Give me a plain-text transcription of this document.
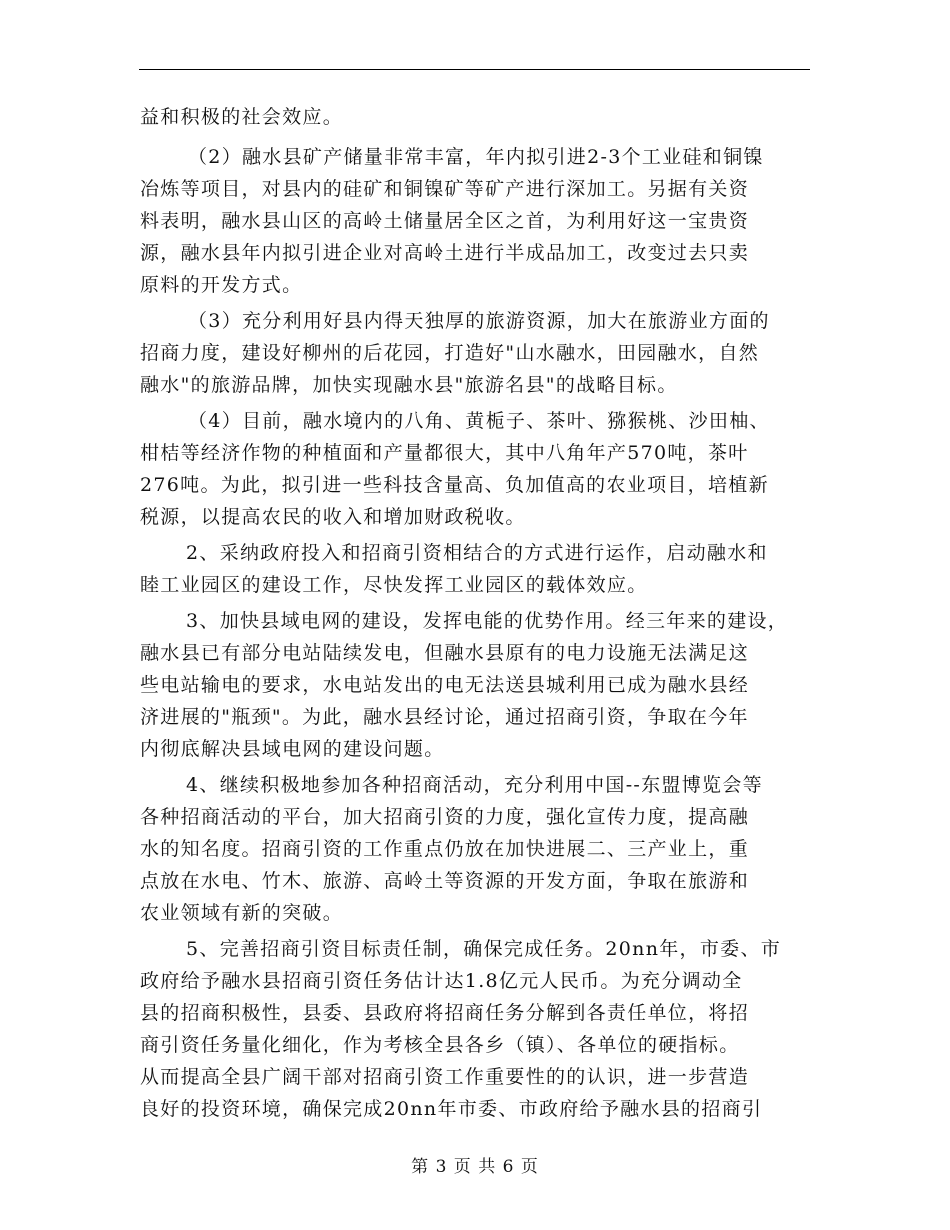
益和积极的社会效应。
（2）融水县矿产储量非常丰富，年内拟引进2-3个工业硅和铜镍
冶炼等项目，对县内的硅矿和铜镍矿等矿产进行深加工。另据有关资
料表明，融水县山区的高岭土储量居全区之首，为利用好这一宝贵资
源，融水县年内拟引进企业对高岭土进行半成品加工，改变过去只卖
原料的开发方式。
（3）充分利用好县内得天独厚的旅游资源，加大在旅游业方面的
招商力度，建设好柳州的后花园，打造好"山水融水，田园融水，自然
融水"的旅游品牌，加快实现融水县"旅游名县"的战略目标。
（4）目前，融水境内的八角、黄栀子、茶叶、猕猴桃、沙田柚、
柑桔等经济作物的种植面和产量都很大，其中八角年产570吨，茶叶
276吨。为此，拟引进一些科技含量高、负加值高的农业项目，培植新
税源，以提高农民的收入和增加财政税收。
2、采纳政府投入和招商引资相结合的方式进行运作，启动融水和
睦工业园区的建设工作，尽快发挥工业园区的载体效应。
3、加快县域电网的建设，发挥电能的优势作用。经三年来的建设，
融水县已有部分电站陆续发电，但融水县原有的电力设施无法满足这
些电站输电的要求，水电站发出的电无法送县城利用已成为融水县经
济进展的"瓶颈"。为此，融水县经讨论，通过招商引资，争取在今年
内彻底解决县域电网的建设问题。
4、继续积极地参加各种招商活动，充分利用中国--东盟博览会等
各种招商活动的平台，加大招商引资的力度，强化宣传力度，提高融
水的知名度。招商引资的工作重点仍放在加快进展二、三产业上，重
点放在水电、竹木、旅游、高岭土等资源的开发方面，争取在旅游和
农业领域有新的突破。
5、完善招商引资目标责任制，确保完成任务。20nn年，市委、市
政府给予融水县招商引资任务估计达1.8亿元人民币。为充分调动全
县的招商积极性，县委、县政府将招商任务分解到各责任单位，将招
商引资任务量化细化，作为考核全县各乡（镇）、各单位的硬指标。
从而提高全县广阔干部对招商引资工作重要性的的认识，进一步营造
良好的投资环境，确保完成20nn年市委、市政府给予融水县的招商引
第 3 页 共 6 页
